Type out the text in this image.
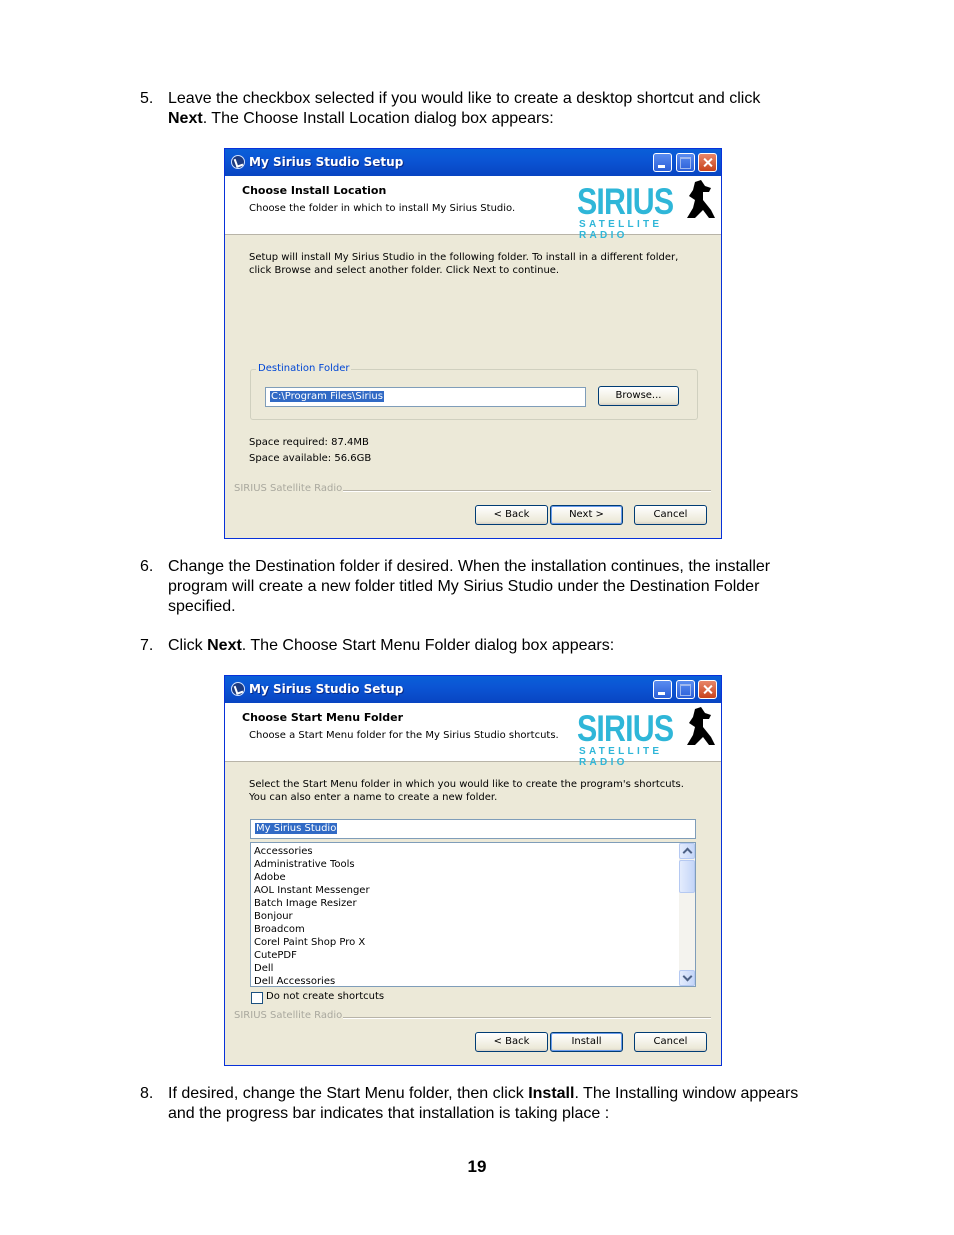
5. Leave the checkbox selected if you would like to create a desktop shortcut and click
Next. The Choose Install Location dialog box appears:
My Sirius Studio Setup
Choose Install Location
Choose the folder in which to install My Sirius Studio. SIRIUS
SATELLITE RADIO
Setup will install My Sirius Studio in the following folder. To install in a different folder, click Browse and select another folder. Click Next to continue.
Destination Folder
C:\Program Files\Sirius	Browse...
Space required: 87.4MB
Space available: 56.6GB
SIRIUS Satellite Radio
< Back	Next >	Cancel
6. Change the Destination folder if desired. When the installation continues, the installer program will create a new folder titled My Sirius Studio under the Destination Folder specified.
7. Click Next. The Choose Start Menu Folder dialog box appears:
My Sirius Studio Setup
Choose Start Menu Folder
Choose a Start Menu folder for the My Sirius Studio shortcuts. SIRIUS
SATELLITE RADIO
Select the Start Menu folder in which you would like to create the program's shortcuts. You can also enter a name to create a new folder.
My Sirius Studio
Accessories
Administrative Tools
Adobe
AOL Instant Messenger
Batch Image Resizer
Bonjour
Broadcom
Corel Paint Shop Pro X
CutePDF
Dell
Dell Accessories
Do not create shortcuts
SIRIUS Satellite Radio
< Back	Install	Cancel
8. If desired, change the Start Menu folder, then click Install. The Installing window appears and the progress bar indicates that installation is taking place :
19
